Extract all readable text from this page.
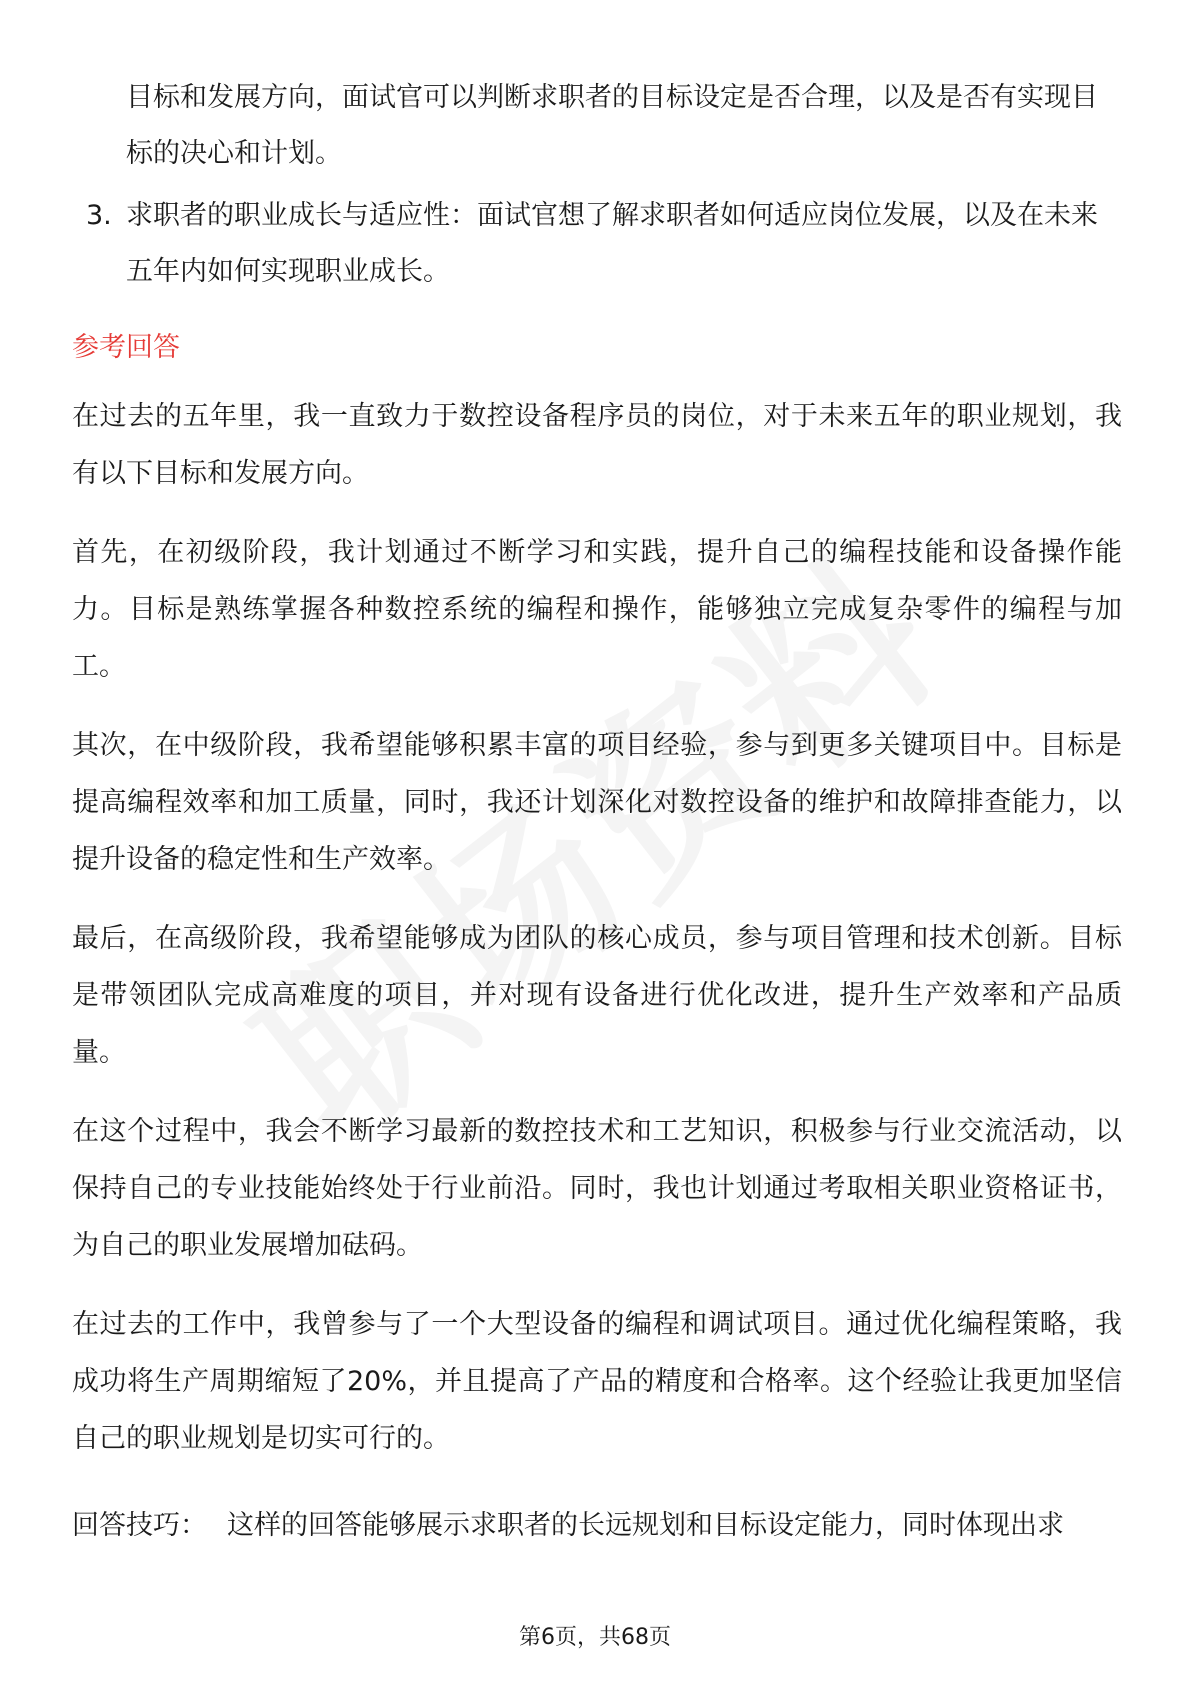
目标和发展方向，面试官可以判断求职者的目标设定是否合理，以及是否有实现目标的决心和计划。

3. 求职者的职业成长与适应性：面试官想了解求职者如何适应岗位发展，以及在未来五年内如何实现职业成长。
参考回答

在过去的五年里，我一直致力于数控设备程序员的岗位，对于未来五年的职业规划，我有以下目标和发展方向。

首先，在初级阶段，我计划通过不断学习和实践，提升自己的编程技能和设备操作能力。目标是熟练掌握各种数控系统的编程和操作，能够独立完成复杂零件的编程与加工。

其次，在中级阶段，我希望能够积累丰富的项目经验，参与到更多关键项目中。目标是提高编程效率和加工质量，同时，我还计划深化对数控设备的维护和故障排查能力，以提升设备的稳定性和生产效率。

最后，在高级阶段，我希望能够成为团队的核心成员，参与项目管理和技术创新。目标是带领团队完成高难度的项目，并对现有设备进行优化改进，提升生产效率和产品质量。

在这个过程中，我会不断学习最新的数控技术和工艺知识，积极参与行业交流活动，以保持自己的专业技能始终处于行业前沿。同时，我也计划通过考取相关职业资格证书，为自己的职业发展增加砝码。

在过去的工作中，我曾参与了一个大型设备的编程和调试项目。通过优化编程策略，我成功将生产周期缩短了20%，并且提高了产品的精度和合格率。这个经验让我更加坚信自己的职业规划是切实可行的。

回答技巧： 这样的回答能够展示求职者的长远规划和目标设定能力，同时体现出求

第6页，共68页
